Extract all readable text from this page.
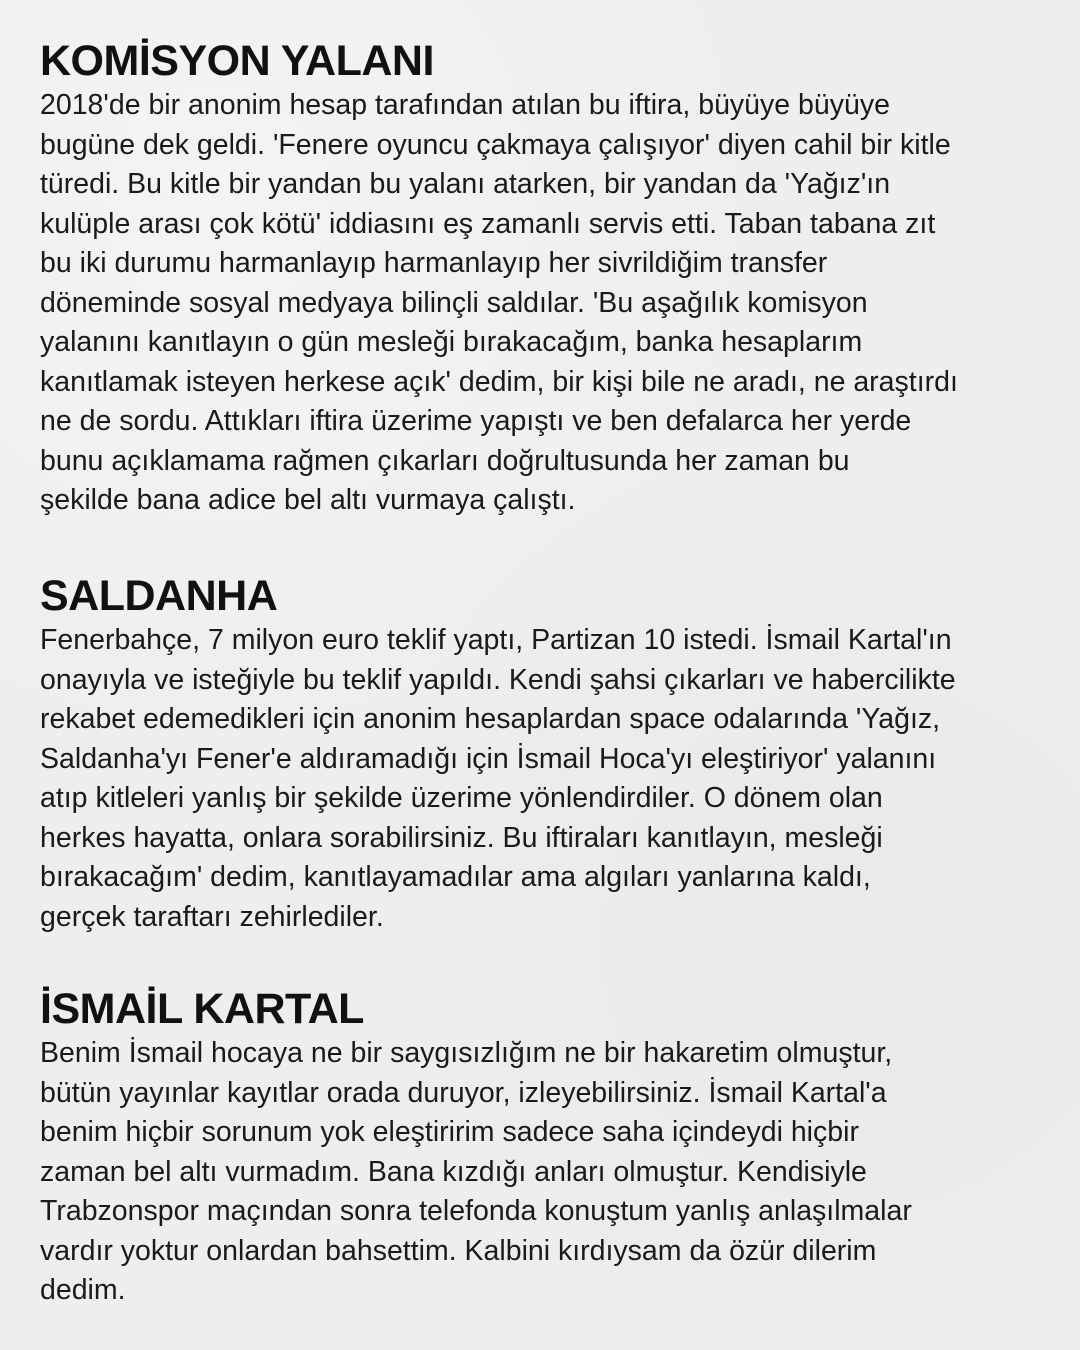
KOMİSYON YALANI
2018'de bir anonim hesap tarafından atılan bu iftira, büyüye büyüye
bugüne dek geldi. 'Fenere oyuncu çakmaya çalışıyor' diyen cahil bir kitle
türedi. Bu kitle bir yandan bu yalanı atarken, bir yandan da 'Yağız'ın
kulüple arası çok kötü' iddiasını eş zamanlı servis etti. Taban tabana zıt
bu iki durumu harmanlayıp harmanlayıp her sivrildiğim transfer
döneminde sosyal medyaya bilinçli saldılar. 'Bu aşağılık komisyon
yalanını kanıtlayın o gün mesleği bırakacağım, banka hesaplarım
kanıtlamak isteyen herkese açık' dedim, bir kişi bile ne aradı, ne araştırdı
ne de sordu. Attıkları iftira üzerime yapıştı ve ben defalarca her yerde
bunu açıklamama rağmen çıkarları doğrultusunda her zaman bu
şekilde bana adice bel altı vurmaya çalıştı.
SALDANHA
Fenerbahçe, 7 milyon euro teklif yaptı, Partizan 10 istedi. İsmail Kartal'ın
onayıyla ve isteğiyle bu teklif yapıldı. Kendi şahsi çıkarları ve habercilikte
rekabet edemedikleri için anonim hesaplardan space odalarında 'Yağız,
Saldanha'yı Fener'e aldıramadığı için İsmail Hoca'yı eleştiriyor' yalanını
atıp kitleleri yanlış bir şekilde üzerime yönlendirdiler. O dönem olan
herkes hayatta, onlara sorabilirsiniz. Bu iftiraları kanıtlayın, mesleği
bırakacağım' dedim, kanıtlayamadılar ama algıları yanlarına kaldı,
gerçek taraftarı zehirlediler.
İSMAİL KARTAL
Benim İsmail hocaya ne bir saygısızlığım ne bir hakaretim olmuştur,
bütün yayınlar kayıtlar orada duruyor, izleyebilirsiniz. İsmail Kartal'a
benim hiçbir sorunum yok eleştiririm sadece saha içindeydi hiçbir
zaman bel altı vurmadım. Bana kızdığı anları olmuştur. Kendisiyle
Trabzonspor maçından sonra telefonda konuştum yanlış anlaşılmalar
vardır yoktur onlardan bahsettim. Kalbini kırdıysam da özür dilerim
dedim.
